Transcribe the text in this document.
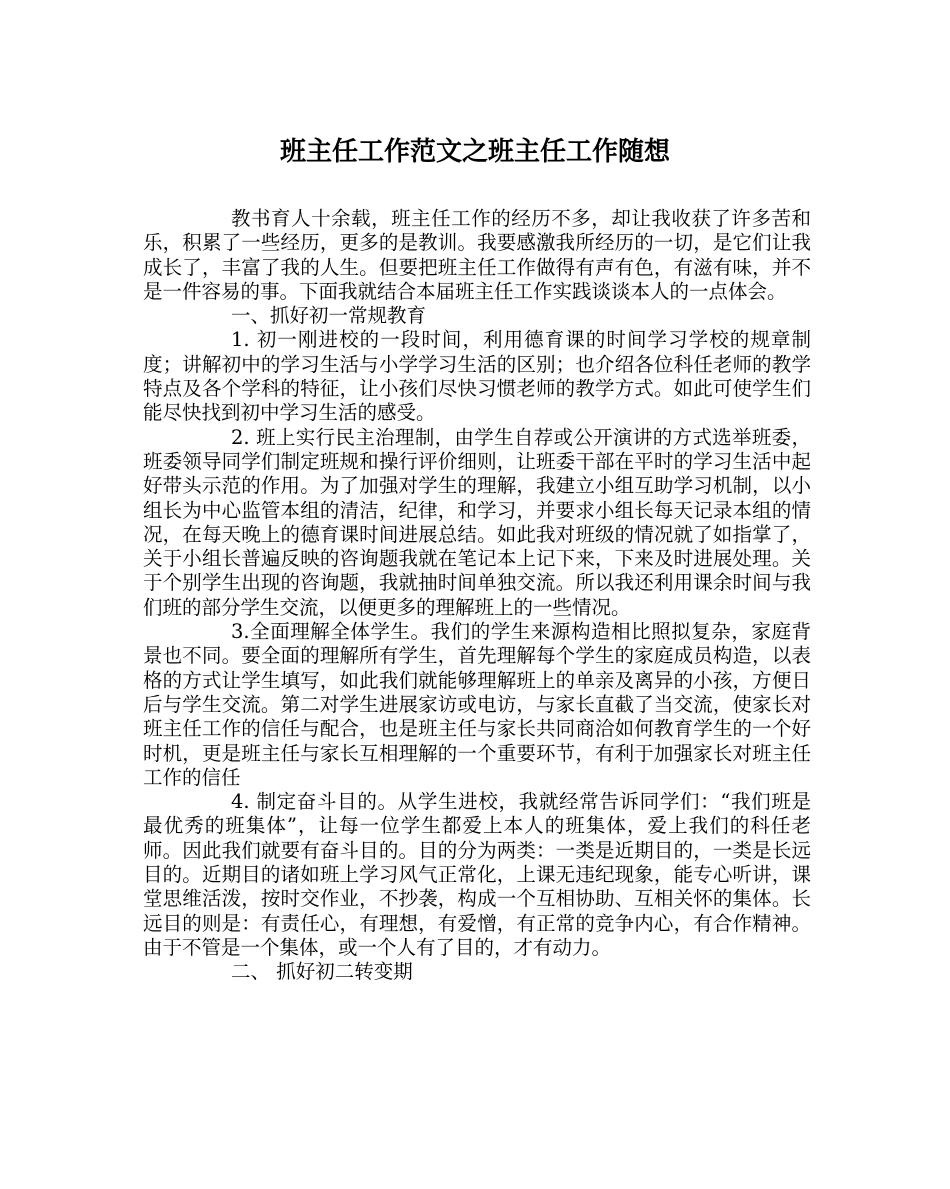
班主任工作范文之班主任工作随想

教书育人十余载，班主任工作的经历不多，却让我收获了许多苦和乐，积累了一些经历，更多的是教训。我要感激我所经历的一切，是它们让我成长了，丰富了我的人生。但要把班主任工作做得有声有色，有滋有味，并不是一件容易的事。下面我就结合本届班主任工作实践谈谈本人的一点体会。

一、抓好初一常规教育

1. 初一刚进校的一段时间，利用德育课的时间学习学校的规章制度；讲解初中的学习生活与小学学习生活的区别；也介绍各位科任老师的教学特点及各个学科的特征，让小孩们尽快习惯老师的教学方式。如此可使学生们能尽快找到初中学习生活的感受。

2. 班上实行民主治理制，由学生自荐或公开演讲的方式选举班委，班委领导同学们制定班规和操行评价细则，让班委干部在平时的学习生活中起好带头示范的作用。为了加强对学生的理解，我建立小组互助学习机制，以小组长为中心监管本组的清洁，纪律，和学习，并要求小组长每天记录本组的情况，在每天晚上的德育课时间进展总结。如此我对班级的情况就了如指掌了，关于小组长普遍反映的咨询题我就在笔记本上记下来，下来及时进展处理。关于个别学生出现的咨询题，我就抽时间单独交流。所以我还利用课余时间与我们班的部分学生交流，以便更多的理解班上的一些情况。

3.全面理解全体学生。我们的学生来源构造相比照拟复杂，家庭背景也不同。要全面的理解所有学生，首先理解每个学生的家庭成员构造，以表格的方式让学生填写，如此我们就能够理解班上的单亲及离异的小孩，方便日后与学生交流。第二对学生进展家访或电访，与家长直截了当交流，使家长对班主任工作的信任与配合，也是班主任与家长共同商洽如何教育学生的一个好时机，更是班主任与家长互相理解的一个重要环节，有利于加强家长对班主任工作的信任

4. 制定奋斗目的。从学生进校，我就经常告诉同学们：“我们班是最优秀的班集体”，让每一位学生都爱上本人的班集体，爱上我们的科任老师。因此我们就要有奋斗目的。目的分为两类：一类是近期目的，一类是长远目的。近期目的诸如班上学习风气正常化，上课无违纪现象，能专心听讲，课堂思维活泼，按时交作业，不抄袭，构成一个互相协助、互相关怀的集体。长远目的则是：有责任心，有理想，有爱憎，有正常的竞争内心，有合作精神。由于不管是一个集体，或一个人有了目的，才有动力。

二、 抓好初二转变期
